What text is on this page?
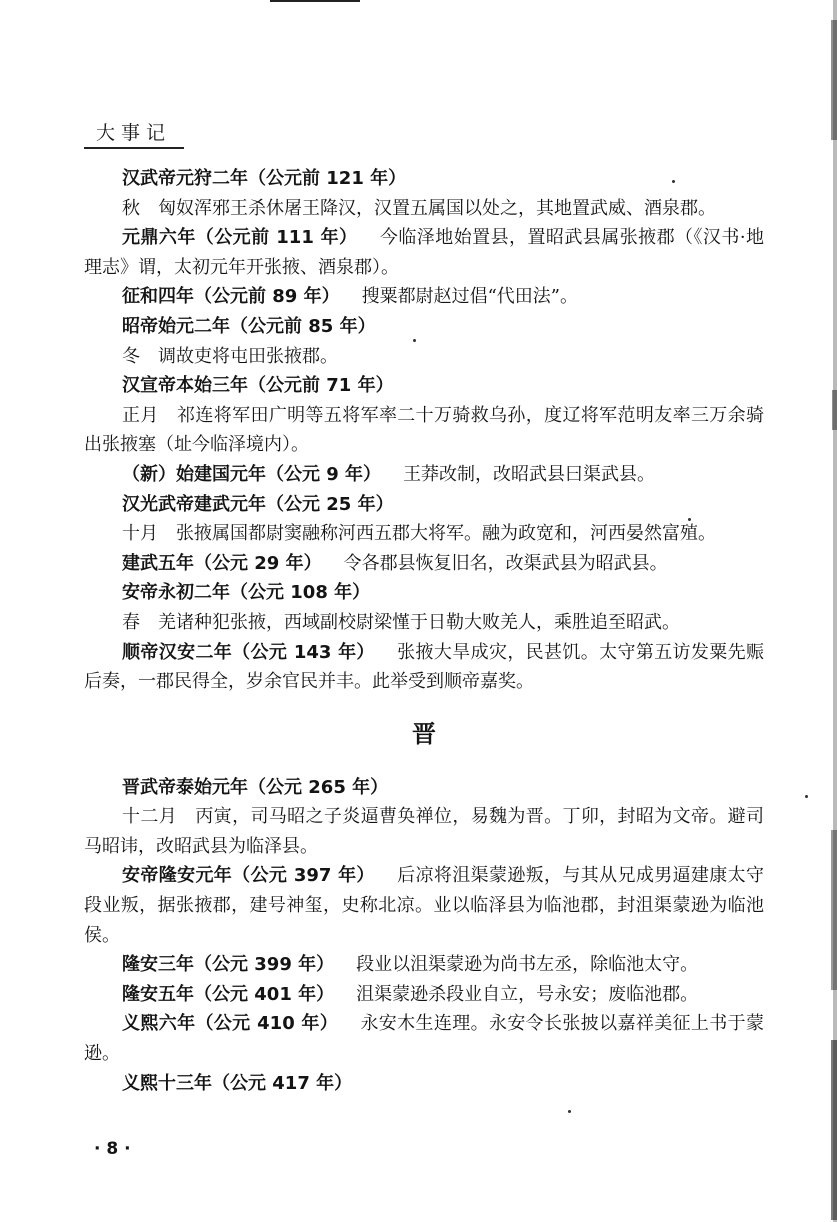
大事记

汉武帝元狩二年（公元前 121 年）

秋　匈奴浑邪王杀休屠王降汉，汉置五属国以处之，其地置武威、酒泉郡。

元鼎六年（公元前 111 年） 今临泽地始置县，置昭武县属张掖郡（《汉书·地理志》谓，太初元年开张掖、酒泉郡）。

征和四年（公元前 89 年） 搜粟都尉赵过倡“代田法”。

昭帝始元二年（公元前 85 年）

冬　调故吏将屯田张掖郡。

汉宣帝本始三年（公元前 71 年）

正月　祁连将军田广明等五将军率二十万骑救乌孙，度辽将军范明友率三万余骑出张掖塞（址今临泽境内）。

（新）始建国元年（公元 9 年） 王莽改制，改昭武县曰渠武县。

汉光武帝建武元年（公元 25 年）

十月　张掖属国都尉窦融称河西五郡大将军。融为政宽和，河西晏然富殖。

建武五年（公元 29 年） 令各郡县恢复旧名，改渠武县为昭武县。

安帝永初二年（公元 108 年）

春　羌诸种犯张掖，西域副校尉梁慬于日勒大败羌人，乘胜追至昭武。

顺帝汉安二年（公元 143 年） 张掖大旱成灾，民甚饥。太守第五访发粟先赈后奏，一郡民得全，岁余官民并丰。此举受到顺帝嘉奖。

晋

晋武帝泰始元年（公元 265 年）

十二月　丙寅，司马昭之子炎逼曹奂禅位，易魏为晋。丁卯，封昭为文帝。避司马昭讳，改昭武县为临泽县。

安帝隆安元年（公元 397 年） 后凉将沮渠蒙逊叛，与其从兄成男逼建康太守段业叛，据张掖郡，建号神玺，史称北凉。业以临泽县为临池郡，封沮渠蒙逊为临池侯。

隆安三年（公元 399 年） 段业以沮渠蒙逊为尚书左丞，除临池太守。

隆安五年（公元 401 年） 沮渠蒙逊杀段业自立，号永安；废临池郡。

义熙六年（公元 410 年） 永安木生连理。永安令长张披以嘉祥美征上书于蒙逊。

义熙十三年（公元 417 年）

· 8 ·
